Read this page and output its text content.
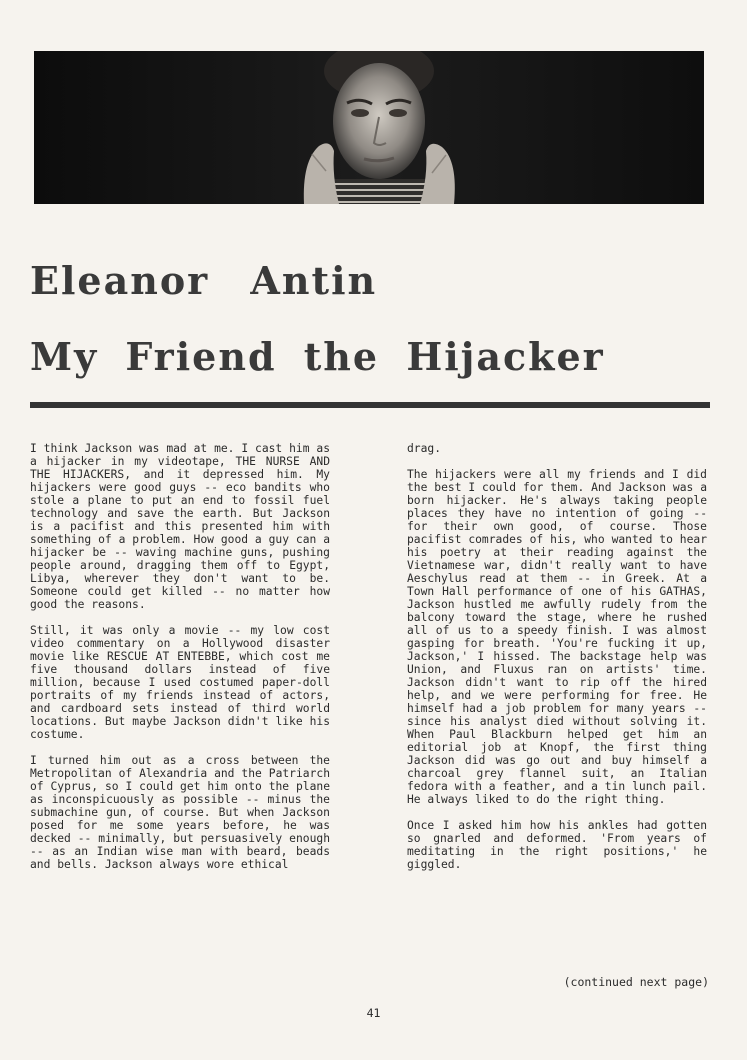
Eleanor Antin
My Friend the Hijacker

I think Jackson was mad at me. I cast him as a hijacker in my videotape, THE NURSE AND THE HIJACKERS, and it depressed him. My hijackers were good guys -- eco bandits who stole a plane to put an end to fossil fuel technology and save the earth. But Jackson is a pacifist and this presented him with something of a problem. How good a guy can a hijacker be -- waving machine guns, pushing people around, dragging them off to Egypt, Libya, wherever they don't want to be. Someone could get killed -- no matter how good the reasons.

Still, it was only a movie -- my low cost video commentary on a Hollywood disaster movie like RESCUE AT ENTEBBE, which cost me five thousand dollars instead of five million, because I used costumed paper-doll portraits of my friends instead of actors, and cardboard sets instead of third world locations. But maybe Jackson didn't like his costume.

I turned him out as a cross between the Metropolitan of Alexandria and the Patriarch of Cyprus, so I could get him onto the plane as inconspicuously as possible -- minus the submachine gun, of course. But when Jackson posed for me some years before, he was decked -- minimally, but persuasively enough -- as an Indian wise man with beard, beads and bells. Jackson always wore ethical

drag.

The hijackers were all my friends and I did the best I could for them. And Jackson was a born hijacker. He's always taking people places they have no intention of going -- for their own good, of course. Those pacifist comrades of his, who wanted to hear his poetry at their reading against the Vietnamese war, didn't really want to have Aeschylus read at them -- in Greek. At a Town Hall performance of one of his GATHAS, Jackson hustled me awfully rudely from the balcony toward the stage, where he rushed all of us to a speedy finish. I was almost gasping for breath. 'You're fucking it up, Jackson,' I hissed. The backstage help was Union, and Fluxus ran on artists' time. Jackson didn't want to rip off the hired help, and we were performing for free. He himself had a job problem for many years -- since his analyst died without solving it. When Paul Blackburn helped get him an editorial job at Knopf, the first thing Jackson did was go out and buy himself a charcoal grey flannel suit, an Italian fedora with a feather, and a tin lunch pail. He always liked to do the right thing.

Once I asked him how his ankles had gotten so gnarled and deformed. 'From years of meditating in the right positions,' he giggled.

(continued next page)
41
